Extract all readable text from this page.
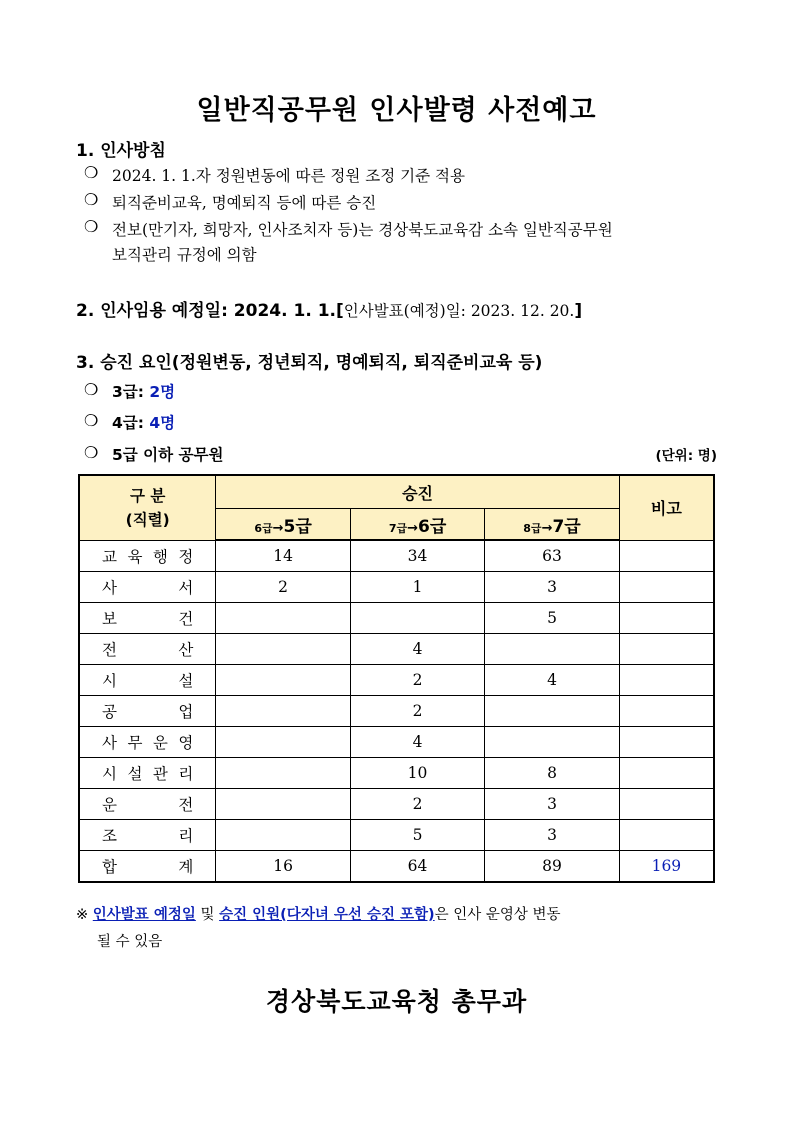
일반직공무원 인사발령 사전예고
1. 인사방침
❍ 2024. 1. 1.자 정원변동에 따른 정원 조정 기준 적용
❍ 퇴직준비교육, 명예퇴직 등에 따른 승진
❍ 전보(만기자, 희망자, 인사조치자 등)는 경상북도교육감 소속 일반직공무원
보직관리 규정에 의함
2. 인사임용 예정일: 2024. 1. 1.[인사발표(예정)일: 2023. 12. 20.]
3. 승진 요인(정원변동, 정년퇴직, 명예퇴직, 퇴직준비교육 등)
❍ 3급: 2명
❍ 4급: 4명
❍ 5급 이하 공무원	(단위: 명)
구 분
(직렬)	승진			비고
	6급→5급	7급→6급	8급→7급	

교 육 행 정	14	34	63	

사 서	2	1	3	

보 건			5	

전 산		4		

시 설		2	4	

공 업		2		

사 무 운 영		4		

시 설 관 리		10	8	

운 전		2	3	

조 리		5	3	

합 계	16	64	89	169
※ 인사발표 예정일 및 승진 인원(다자녀 우선 승진 포함)은 인사 운영상 변동
될 수 있음
경상북도교육청 총무과
